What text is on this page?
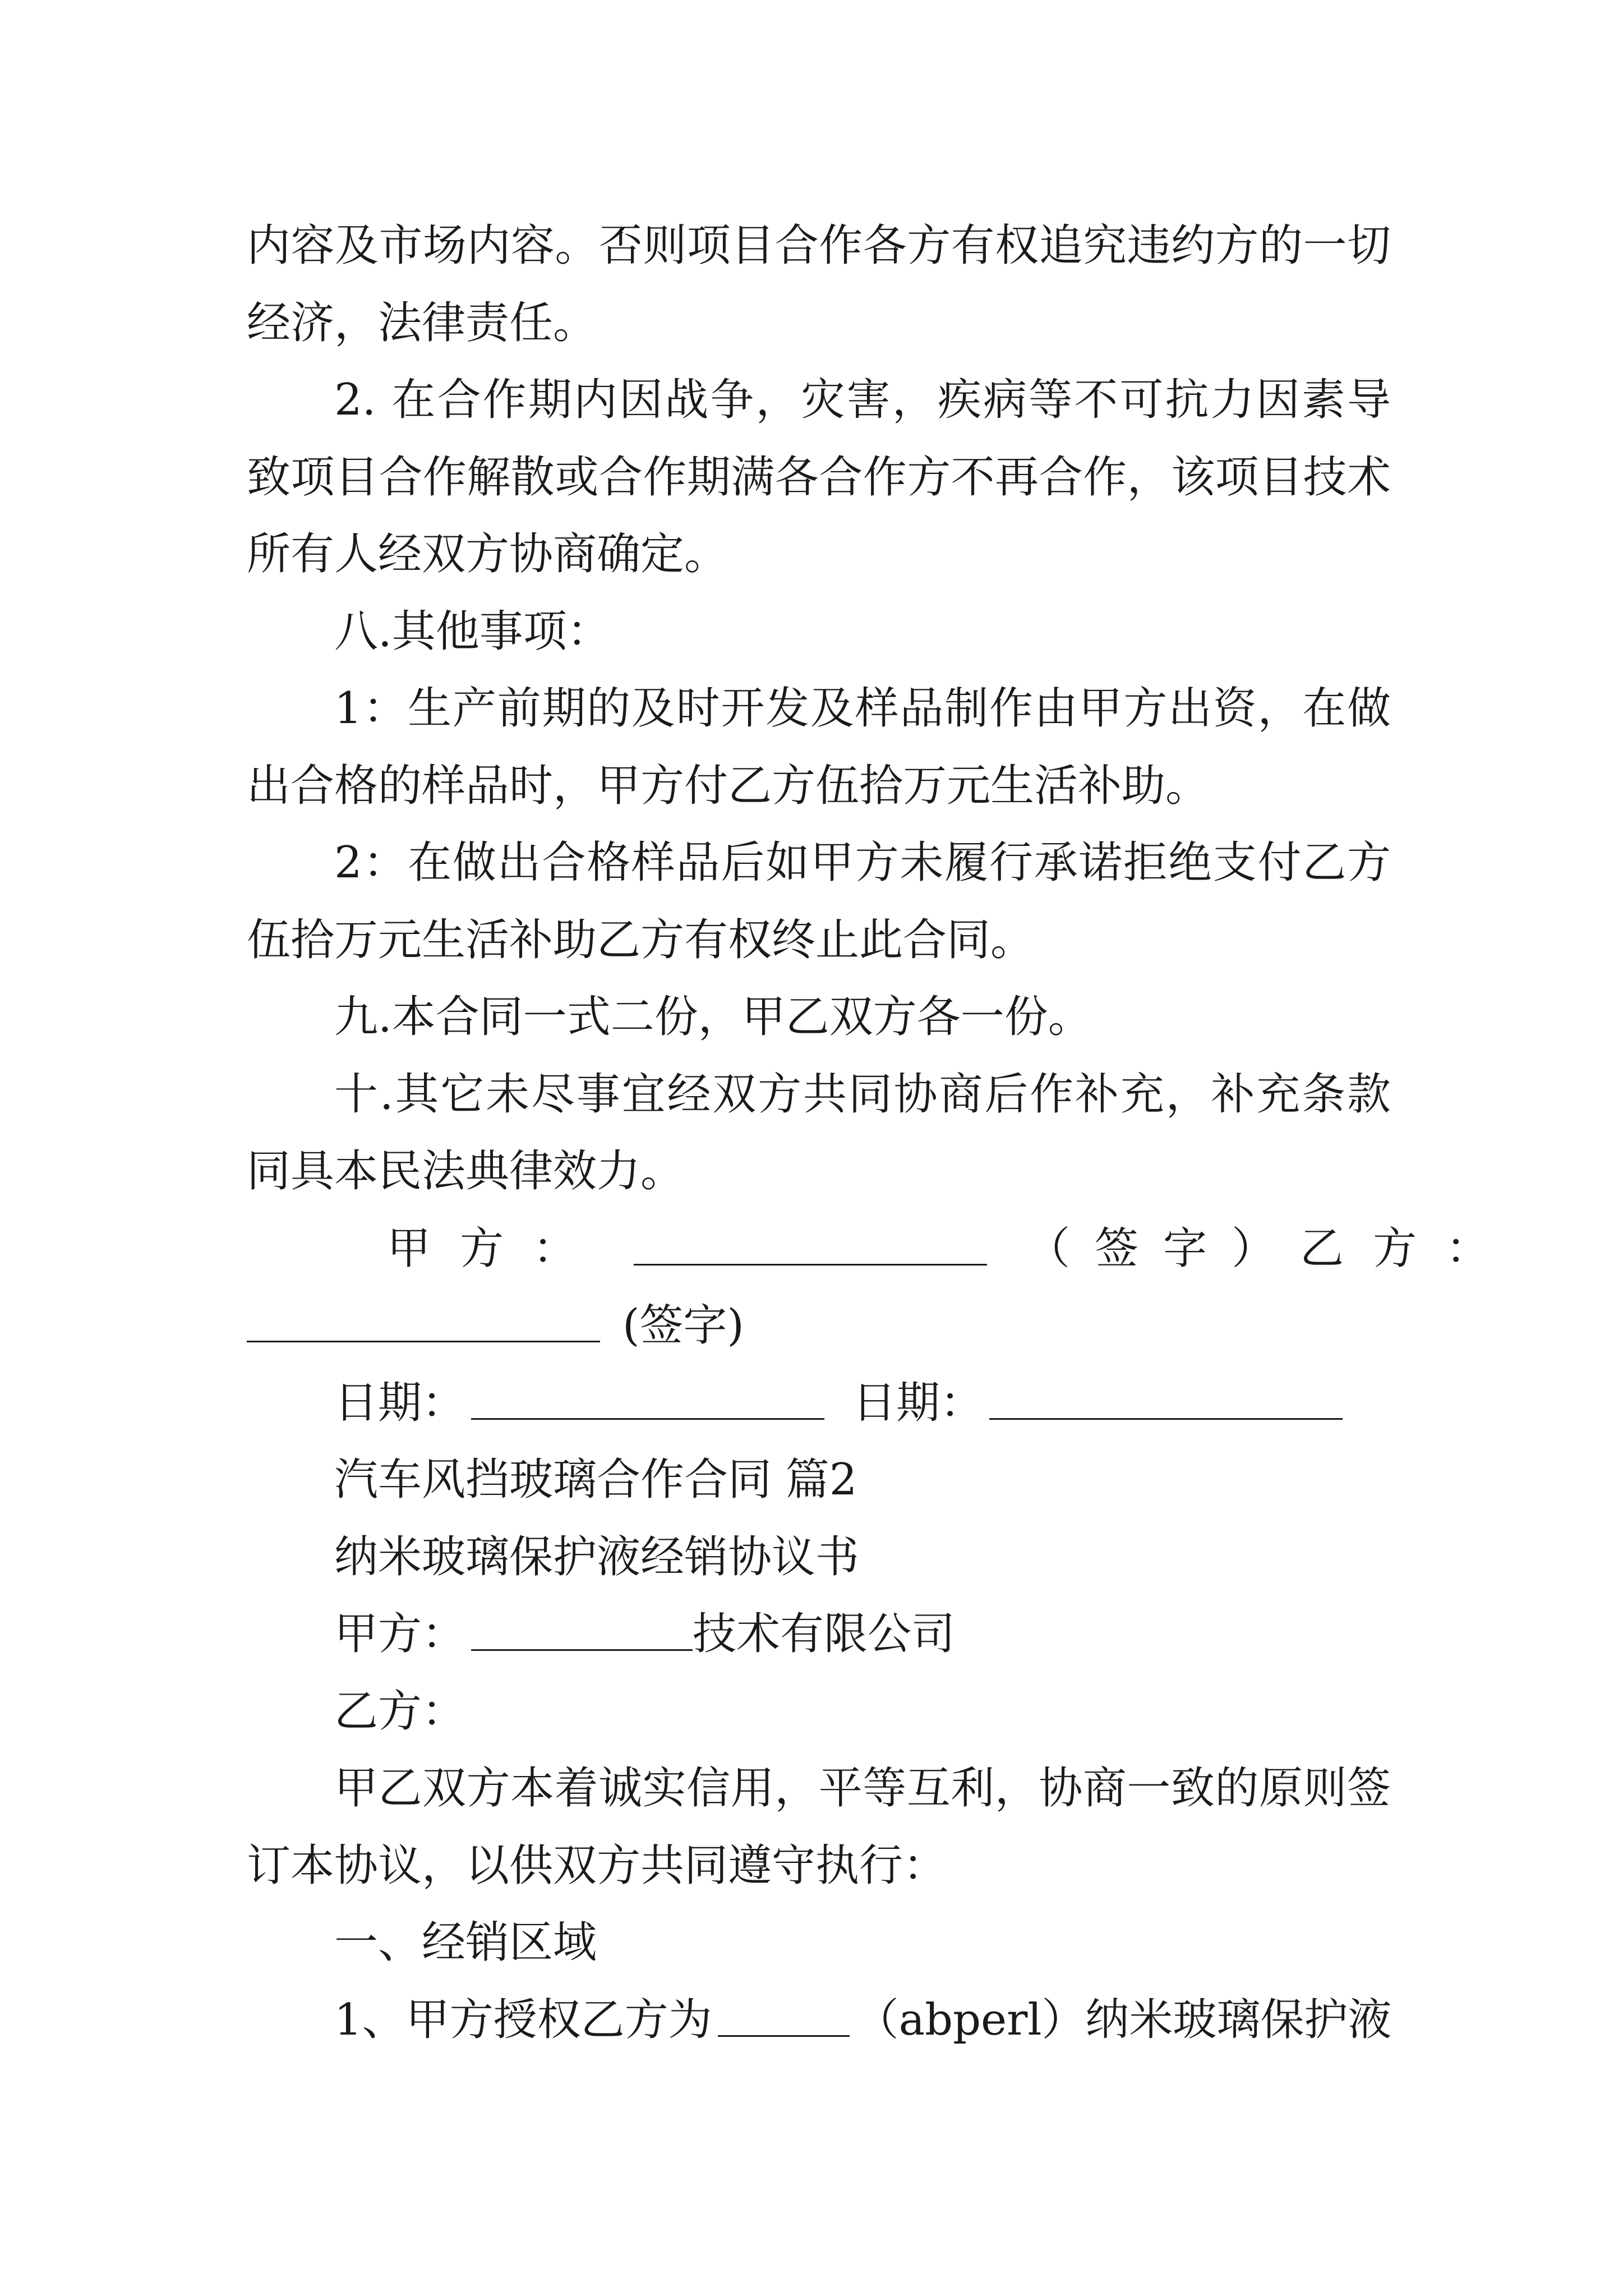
内容及市场内容。否则项目合作各方有权追究违约方的一切
经济，法律责任。
2. 在合作期内因战争，灾害，疾病等不可抗力因素导
致项目合作解散或合作期满各合作方不再合作，该项目技术
所有人经双方协商确定。
八.其他事项：
1：生产前期的及时开发及样品制作由甲方出资，在做
出合格的样品时，甲方付乙方伍拾万元生活补助。
2：在做出合格样品后如甲方未履行承诺拒绝支付乙方
伍拾万元生活补助乙方有权终止此合同。
九.本合同一式二份，甲乙双方各一份。
十.其它未尽事宜经双方共同协商后作补充，补充条款
同具本民法典律效力。
甲方：	（签字）乙方：
(签字)
日期：	日期：
汽车风挡玻璃合作合同 篇2
纳米玻璃保护液经销协议书
甲方：	技术有限公司
乙方：
甲乙双方本着诚实信用，平等互利，协商一致的原则签
订本协议，以供双方共同遵守执行：
一、经销区域
1、甲方授权乙方为	（abperl）纳米玻璃保护液
